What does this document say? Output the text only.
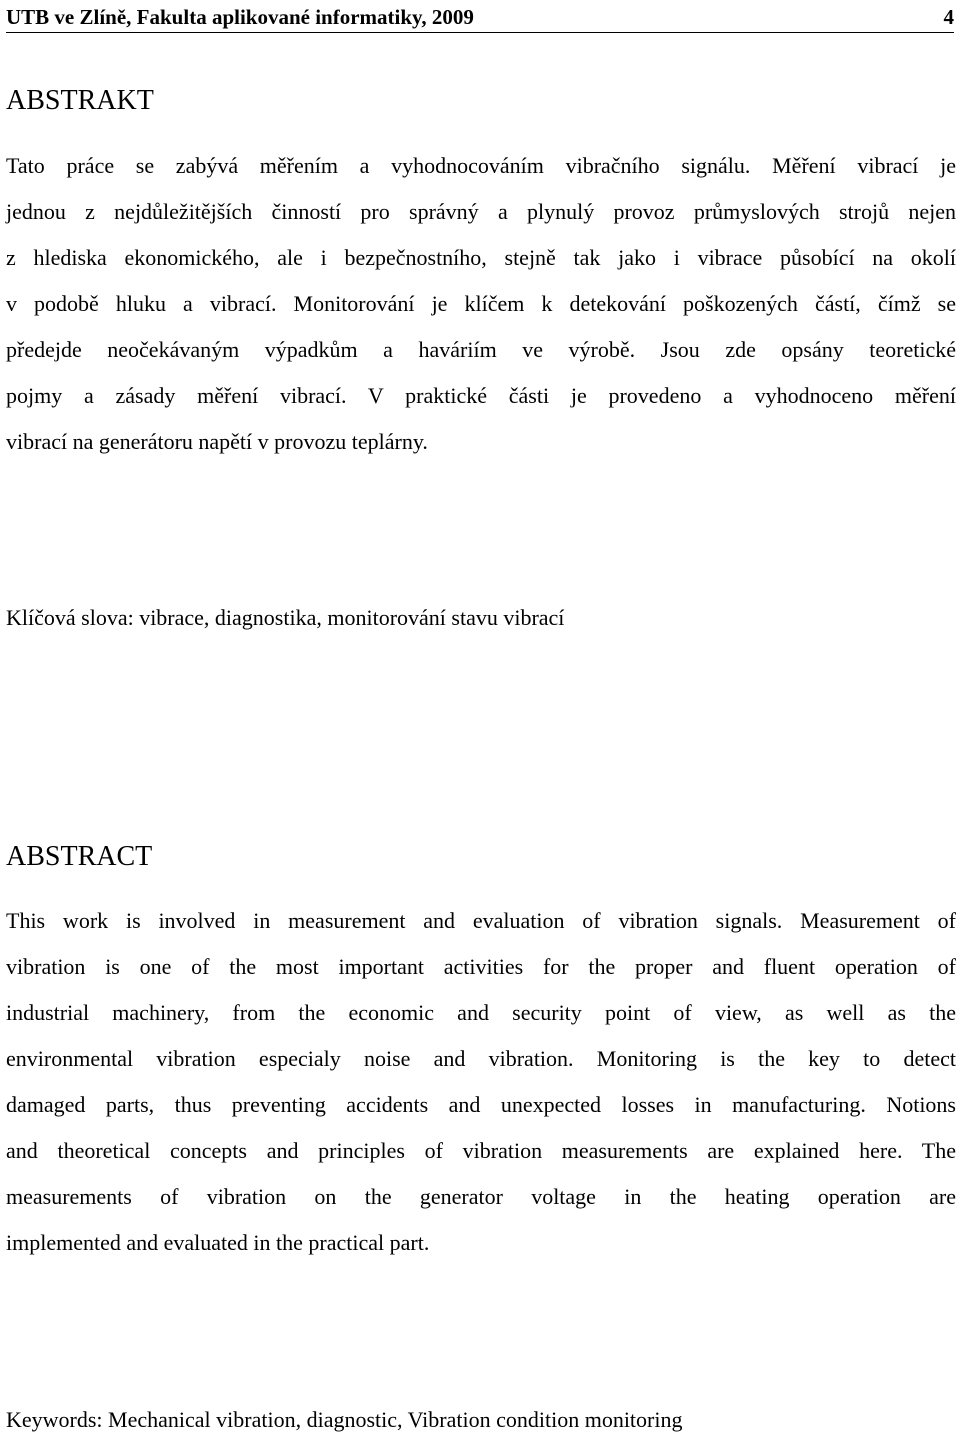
UTB ve Zlíně, Fakulta aplikované informatiky, 2009	4
ABSTRAKT
Tato práce se zabývá měřením a vyhodnocováním vibračního signálu. Měření vibrací je
jednou z nejdůležitějších činností pro správný a plynulý provoz průmyslových strojů nejen
z hlediska ekonomického, ale i bezpečnostního, stejně tak jako i vibrace působící na okolí
v podobě hluku a vibrací. Monitorování je klíčem k detekování poškozených částí, čímž se
předejde neočekávaným výpadkům a haváriím ve výrobě. Jsou zde opsány teoretické
pojmy a zásady měření vibrací. V praktické části je provedeno a vyhodnoceno měření
vibrací na generátoru napětí v provozu teplárny.
Klíčová slova: vibrace, diagnostika, monitorování stavu vibrací
ABSTRACT
This work is involved in measurement and evaluation of vibration signals. Measurement of
vibration is one of the most important activities for the proper and fluent operation of
industrial machinery, from the economic and security point of view, as well as the
environmental vibration especialy noise and vibration. Monitoring is the key to detect
damaged parts, thus preventing accidents and unexpected losses in manufacturing. Notions
and theoretical concepts and principles of vibration measurements are explained here. The
measurements of vibration on the generator voltage in the heating operation are
implemented and evaluated in the practical part.
Keywords: Mechanical vibration, diagnostic, Vibration condition monitoring
